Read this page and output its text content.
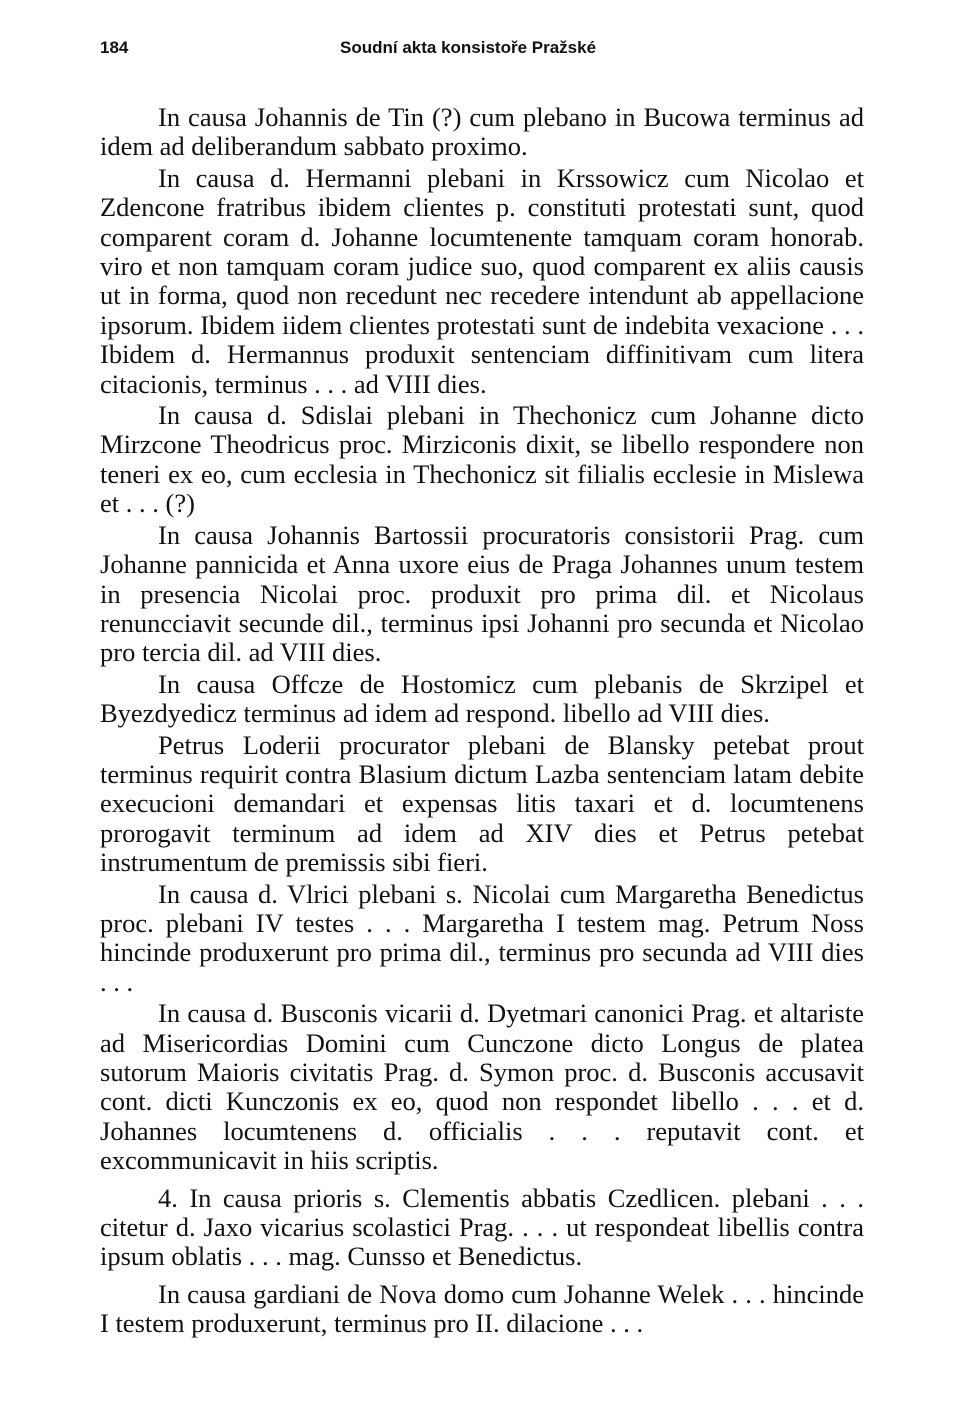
184	Soudní akta konsistoře Pražské

In causa Johannis de Tin (?) cum plebano in Bucowa terminus ad idem ad deliberandum sabbato proximo.

In causa d. Hermanni plebani in Krssowicz cum Nicolao et Zdencone fratribus ibidem clientes p. constituti protestati sunt, quod comparent coram d. Johanne locumtenente tamquam coram honorab. viro et non tamquam coram judice suo, quod comparent ex aliis causis ut in forma, quod non recedunt nec recedere intendunt ab appellacione ipsorum. Ibidem iidem clientes protestati sunt de indebita vexacione . . . Ibidem d. Hermannus produxit sentenciam diffinitivam cum litera citacionis, terminus . . . ad VIII dies.

In causa d. Sdislai plebani in Thechonicz cum Johanne dicto Mirzcone Theodricus proc. Mirziconis dixit, se libello respondere non teneri ex eo, cum ecclesia in Thechonicz sit filialis ecclesie in Mislewa et . . . (?)

In causa Johannis Bartossii procuratoris consistorii Prag. cum Johanne pannicida et Anna uxore eius de Praga Johannes unum testem in presencia Nicolai proc. produxit pro prima dil. et Nicolaus renuncciavit secunde dil., terminus ipsi Johanni pro secunda et Nicolao pro tercia dil. ad VIII dies.

In causa Offcze de Hostomicz cum plebanis de Skrzipel et Byezdyedicz terminus ad idem ad respond. libello ad VIII dies.

Petrus Loderii procurator plebani de Blansky petebat prout terminus requirit contra Blasium dictum Lazba sentenciam latam debite execucioni demandari et expensas litis taxari et d. locumtenens prorogavit terminum ad idem ad XIV dies et Petrus petebat instrumentum de premissis sibi fieri.

In causa d. Vlrici plebani s. Nicolai cum Margaretha Benedictus proc. plebani IV testes . . . Margaretha I testem mag. Petrum Noss hincinde produxerunt pro prima dil., terminus pro secunda ad VIII dies . . .

In causa d. Busconis vicarii d. Dyetmari canonici Prag. et altariste ad Misericordias Domini cum Cunczone dicto Longus de platea sutorum Maioris civitatis Prag. d. Symon proc. d. Busconis accusavit cont. dicti Kunczonis ex eo, quod non respondet libello . . . et d. Johannes locumtenens d. officialis . . . reputavit cont. et excommunicavit in hiis scriptis.

4. In causa prioris s. Clementis abbatis Czedlicen. plebani . . . citetur d. Jaxo vicarius scolastici Prag. . . . ut respondeat libellis contra ipsum oblatis . . . mag. Cunsso et Benedictus.

In causa gardiani de Nova domo cum Johanne Welek . . . hincinde I testem produxerunt, terminus pro II. dilacione . . .
